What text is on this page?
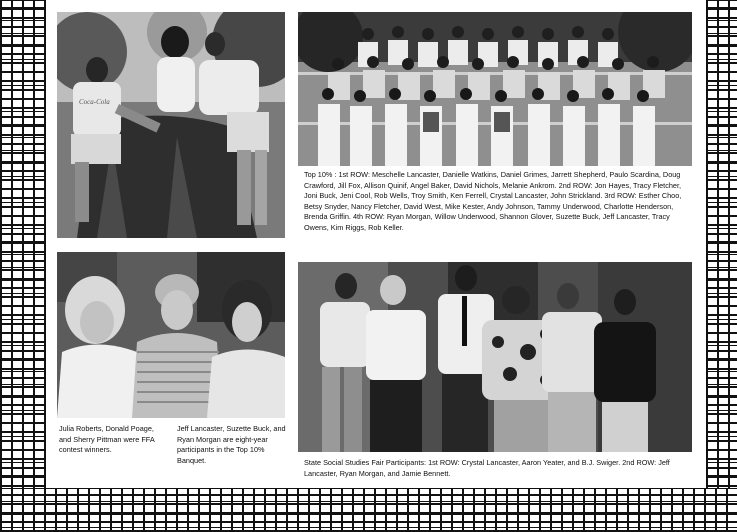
Coca-Cola
Top 10% : 1st ROW: Meschelle Lancaster, Danielle Watkins, Daniel Grimes, Jarrett Shepherd, Paulo Scardina, Doug Crawford, Jill Fox, Allison Quinif, Angel Baker, David Nichols, Melanie Ankrom. 2nd ROW: Jon Hayes, Tracy Fletcher, Joni Buck, Jeni Cool, Rob Wells, Troy Smith, Ken Ferrell, Crystal Lancaster, John Strickland. 3rd ROW: Esther Choo, Betsy Snyder, Nancy Fletcher, David West, Mike Kester, Andy Johnson, Tammy Underwood, Charlotte Henderson, Brenda Griffin. 4th ROW: Ryan Morgan, Willow Underwood, Shannon Glover, Suzette Buck, Jeff Lancaster, Tracy Owens, Kim Riggs, Rob Keller.
Julia Roberts, Donald Poage, and Sherry Pittman were FFA contest winners.
Jeff Lancaster, Suzette Buck, and Ryan Morgan are eight-year participants in the Top 10% Banquet.	State Social Studies Fair Participants: 1st ROW: Crystal Lancaster, Aaron Yeater, and B.J. Swiger. 2nd ROW: Jeff Lancaster, Ryan Morgan, and Jamie Bennett.
